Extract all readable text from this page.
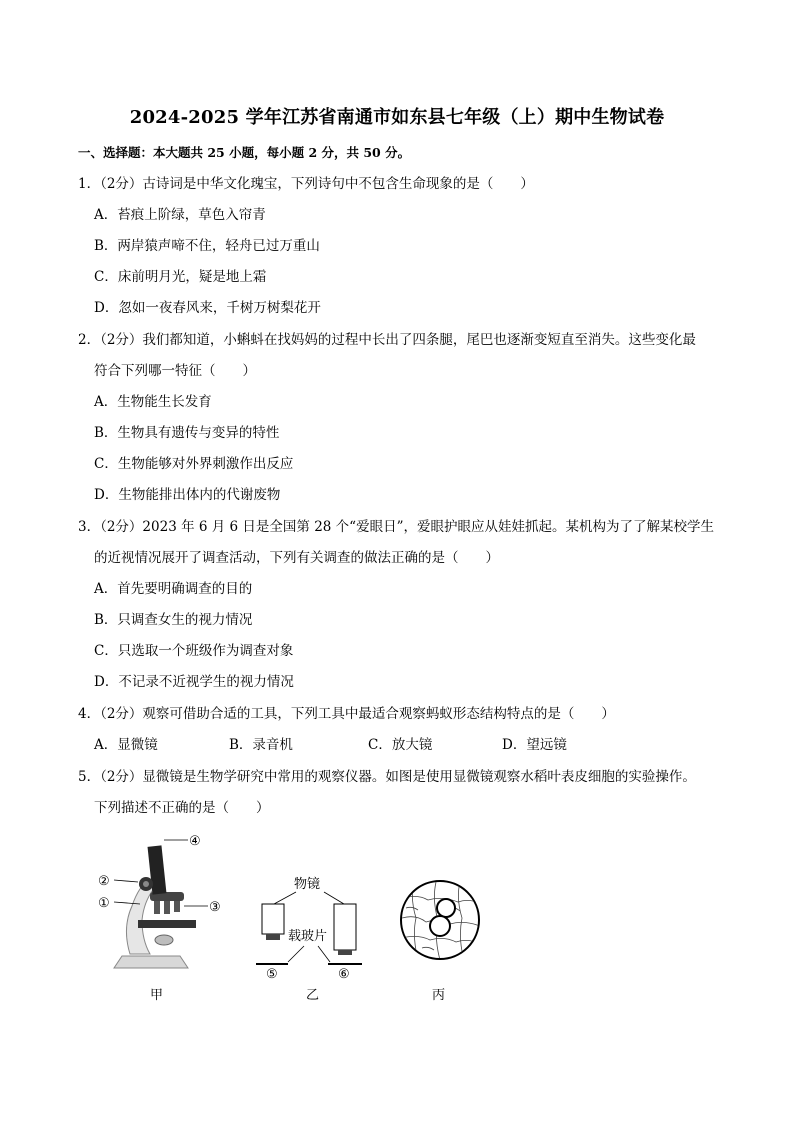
2024-2025 学年江苏省南通市如东县七年级（上）期中生物试卷
一、选择题：本大题共 25 小题，每小题 2 分，共 50 分。
1．（2分）古诗词是中华文化瑰宝，下列诗句中不包含生命现象的是（　　）
A．苔痕上阶绿，草色入帘青
B．两岸猿声啼不住，轻舟已过万重山
C．床前明月光，疑是地上霜
D．忽如一夜春风来，千树万树梨花开
2．（2分）我们都知道，小蝌蚪在找妈妈的过程中长出了四条腿，尾巴也逐渐变短直至消失。这些变化最
符合下列哪一特征（　　）
A．生物能生长发育
B．生物具有遗传与变异的特性
C．生物能够对外界刺激作出反应
D．生物能排出体内的代谢废物
3．（2分）2023 年 6 月 6 日是全国第 28 个“爱眼日”，爱眼护眼应从娃娃抓起。某机构为了了解某校学生
的近视情况展开了调查活动，下列有关调查的做法正确的是（　　）
A．首先要明确调查的目的
B．只调查女生的视力情况
C．只选取一个班级作为调查对象
D．不记录不近视学生的视力情况
4．（2分）观察可借助合适的工具，下列工具中最适合观察蚂蚁形态结构特点的是（　　）
A．显微镜	B．录音机	C．放大镜	D．望远镜
5．（2分）显微镜是生物学研究中常用的观察仪器。如图是使用显微镜观察水稻叶表皮细胞的实验操作。
下列描述不正确的是（　　）
④
②
①	③
甲
物镜
载玻片
⑤	⑥
乙	丙
